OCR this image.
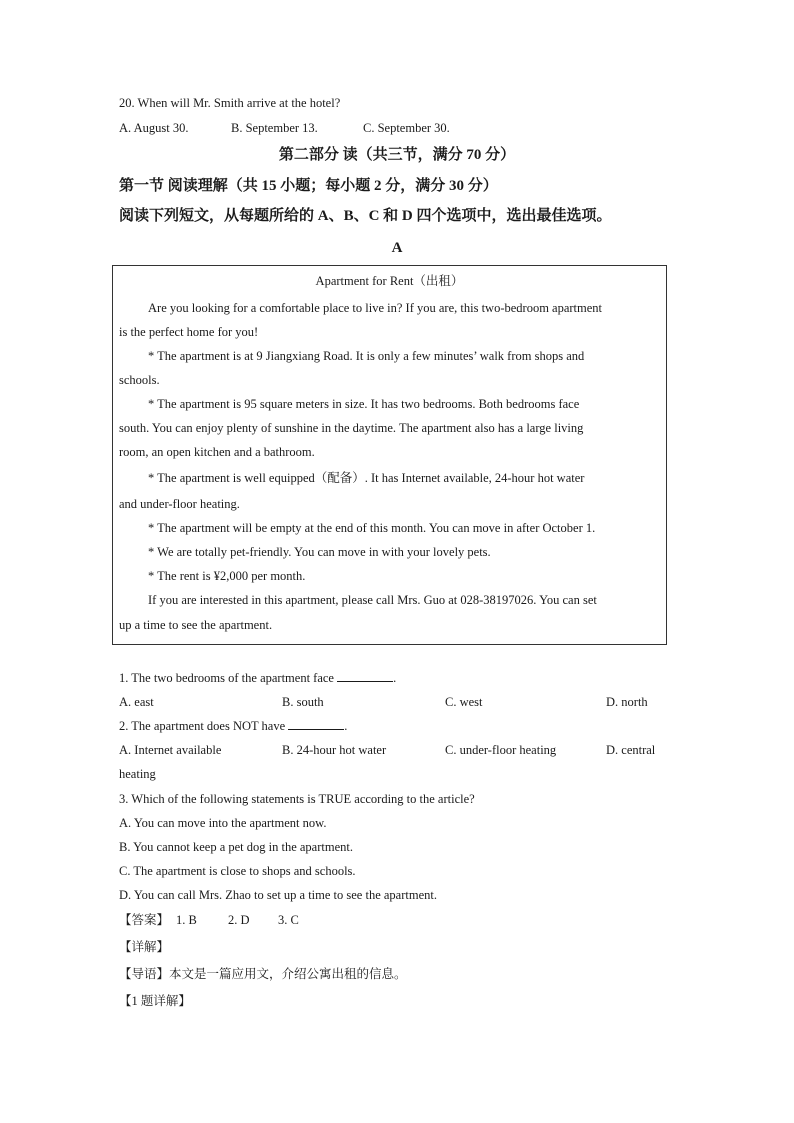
20. When will Mr. Smith arrive at the hotel?
A. August 30.	B. September 13.	C. September 30.
第二部分 读（共三节，满分 70 分）
第一节 阅读理解（共 15 小题；每小题 2 分，满分 30 分）
阅读下列短文，从每题所给的 A、B、C 和 D 四个选项中，选出最佳选项。
A
Apartment for Rent（出租）
Are you looking for a comfortable place to live in? If you are, this two-bedroom apartment
is the perfect home for you!
* The apartment is at 9 Jiangxiang Road. It is only a few minutes’ walk from shops and
schools.
* The apartment is 95 square meters in size. It has two bedrooms. Both bedrooms face
south. You can enjoy plenty of sunshine in the daytime. The apartment also has a large living
room, an open kitchen and a bathroom.
* The apartment is well equipped（配备）. It has Internet available, 24-hour hot water
and under-floor heating.
* The apartment will be empty at the end of this month. You can move in after October 1.
* We are totally pet-friendly. You can move in with your lovely pets.
* The rent is ¥2,000 per month.
If you are interested in this apartment, please call Mrs. Guo at 028-38197026. You can set
up a time to see the apartment.
1. The two bedrooms of the apartment face	.
A. east	B. south	C. west	D. north
2. The apartment does NOT have	.
A. Internet available	B. 24-hour hot water	C. under-floor heating	D. central
heating
3. Which of the following statements is TRUE according to the article?
A. You can move into the apartment now.
B. You cannot keep a pet dog in the apartment.
C. The apartment is close to shops and schools.
D. You can call Mrs. Zhao to set up a time to see the apartment.
【答案】 1. B 2. D 3. C
【详解】
【导语】本文是一篇应用文，介绍公寓出租的信息。
【1 题详解】
